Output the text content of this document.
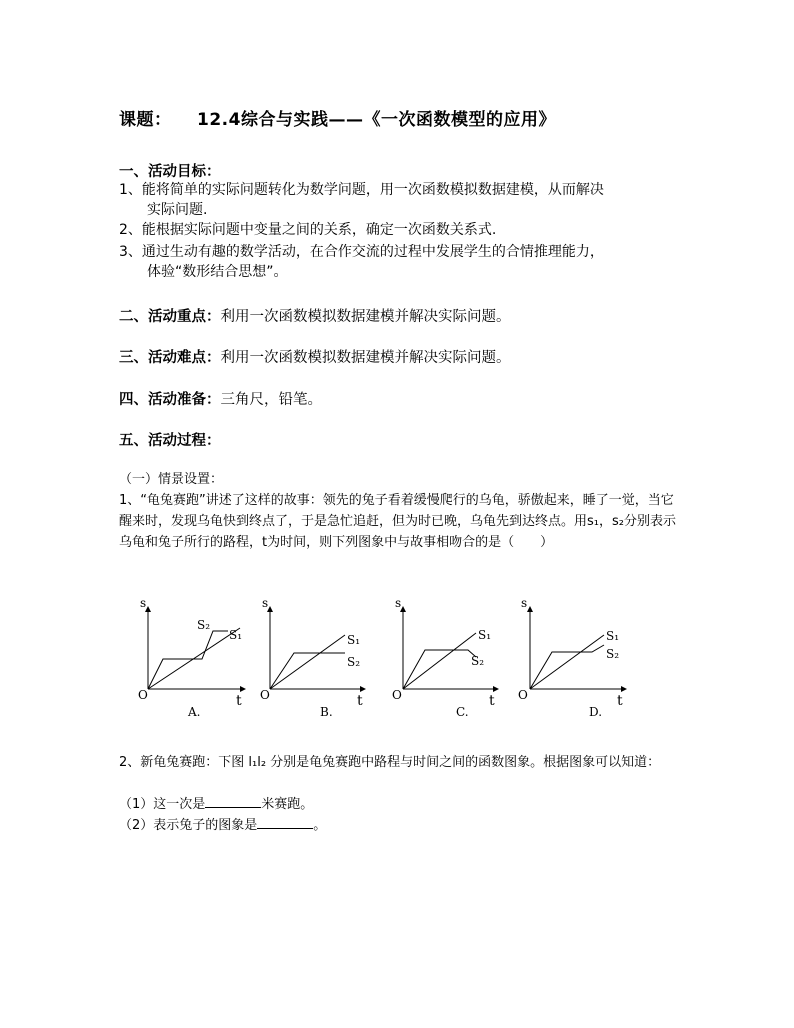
课题： 12.4综合与实践——《一次函数模型的应用》
一、活动目标：
1、能将简单的实际问题转化为数学问题，用一次函数模拟数据建模，从而解决
实际问题.
2、能根据实际问题中变量之间的关系，确定一次函数关系式.
3、通过生动有趣的数学活动，在合作交流的过程中发展学生的合情推理能力，
体验“数形结合思想”。
二、活动重点：利用一次函数模拟数据建模并解决实际问题。
三、活动难点：利用一次函数模拟数据建模并解决实际问题。
四、活动准备：三角尺，铅笔。
五、活动过程：
（一）情景设置：
1、“龟兔赛跑”讲述了这样的故事：领先的兔子看着缓慢爬行的乌龟，骄傲起来，睡了一觉，当它醒来时，发现乌龟快到终点了，于是急忙追赶，但为时已晚，乌龟先到达终点。用s₁，s₂分别表示乌龟和兔子所行的路程，t为时间，则下列图象中与故事相吻合的是（　　）
s
O	t
S₂
S₁
A.
s
O	t
S₁
S₂
B.
s
O	t
S₁
S₂
C.
s
O	t
S₁
S₂
D.
2、新龟兔赛跑：下图 l₁l₂ 分别是龟兔赛跑中路程与时间之间的函数图象。根据图象可以知道：
（1）这一次是	米赛跑。
（2）表示兔子的图象是	。
